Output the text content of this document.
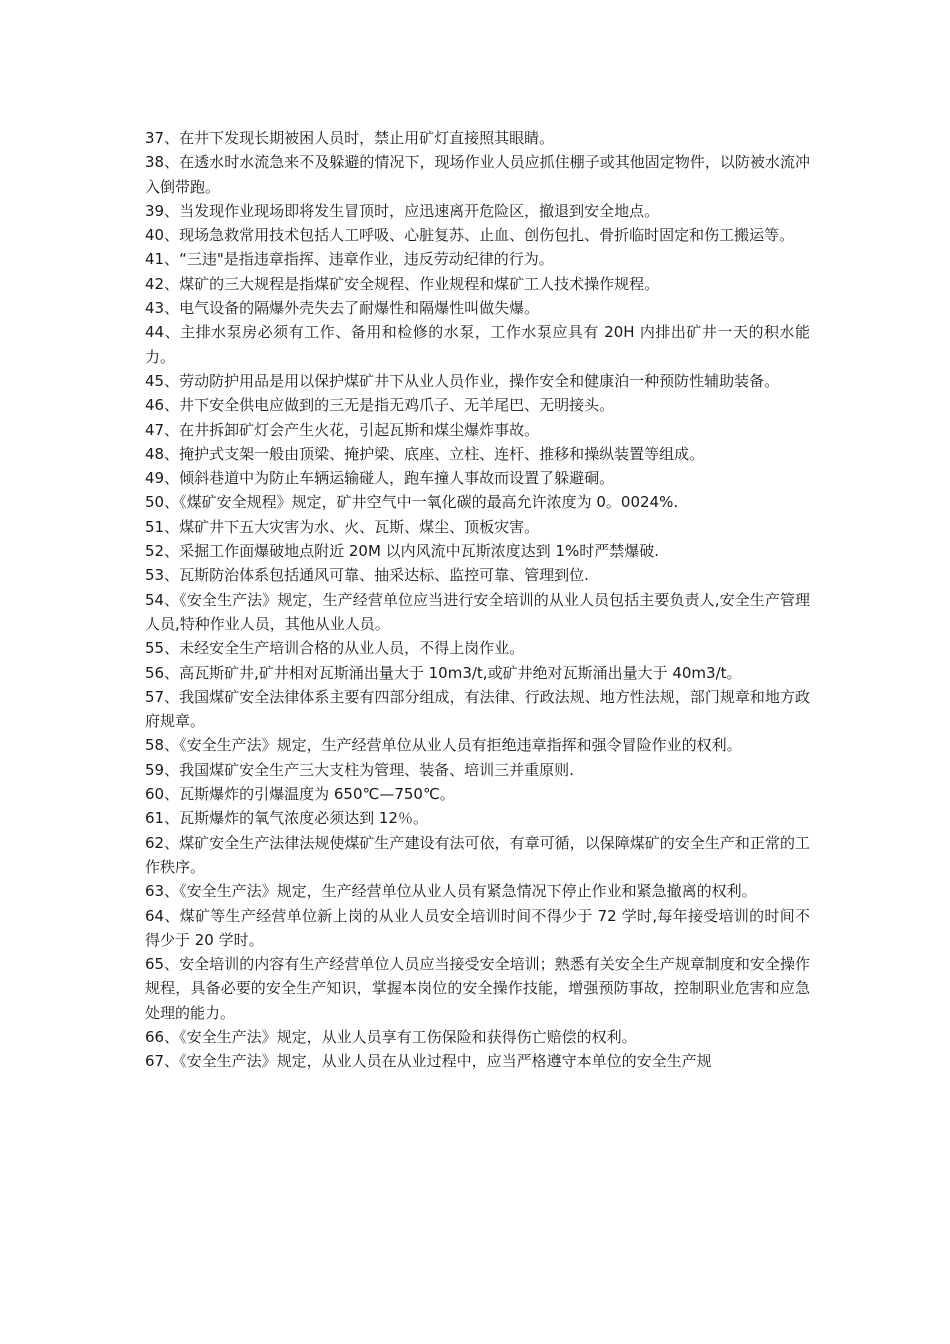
37、在井下发现长期被困人员时，禁止用矿灯直接照其眼睛。

38、在透水时水流急来不及躲避的情况下，现场作业人员应抓住棚子或其他固定物件，以防被水流冲入倒带跑。

39、当发现作业现场即将发生冒顶时，应迅速离开危险区，撤退到安全地点。

40、现场急救常用技术包括人工呼吸、心脏复苏、止血、创伤包扎、骨折临时固定和伤工搬运等。

41、“三违"是指违章指挥、违章作业，违反劳动纪律的行为。

42、煤矿的三大规程是指煤矿安全规程、作业规程和煤矿工人技术操作规程。

43、电气设备的隔爆外壳失去了耐爆性和隔爆性叫做失爆。

44、主排水泵房必须有工作、备用和检修的水泵，工作水泵应具有 20H 内排出矿井一天的积水能力。

45、劳动防护用品是用以保护煤矿井下从业人员作业，操作安全和健康泊一种预防性辅助装备。

46、井下安全供电应做到的三无是指无鸡爪子、无羊尾巴、无明接头。

47、在井拆卸矿灯会产生火花，引起瓦斯和煤尘爆炸事故。

48、掩护式支架一般由顶梁、掩护梁、底座、立柱、连杆、推移和操纵装置等组成。

49、倾斜巷道中为防止车辆运输碰人，跑车撞人事故而设置了躲避硐。

50、《煤矿安全规程》规定，矿井空气中一氧化碳的最高允许浓度为 0。0024%.

51、煤矿井下五大灾害为水、火、瓦斯、煤尘、顶板灾害。

52、采掘工作面爆破地点附近 20M 以内风流中瓦斯浓度达到 1%时严禁爆破.

53、瓦斯防治体系包括通风可靠、抽采达标、监控可靠、管理到位.

54、《安全生产法》规定，生产经营单位应当进行安全培训的从业人员包括主要负责人,安全生产管理人员,特种作业人员，其他从业人员。

55、未经安全生产培训合格的从业人员，不得上岗作业。

56、高瓦斯矿井,矿井相对瓦斯涌出量大于 10m3/t,或矿井绝对瓦斯涌出量大于 40m3/t。

57、我国煤矿安全法律体系主要有四部分组成，有法律、行政法规、地方性法规，部门规章和地方政府规章。

58、《安全生产法》规定，生产经营单位从业人员有拒绝违章指挥和强令冒险作业的权利。

59、我国煤矿安全生产三大支柱为管理、装备、培训三并重原则.

60、瓦斯爆炸的引爆温度为 650℃—750℃。

61、瓦斯爆炸的氧气浓度必须达到 12％。

62、煤矿安全生产法律法规使煤矿生产建设有法可依，有章可循，以保障煤矿的安全生产和正常的工作秩序。

63、《安全生产法》规定，生产经营单位从业人员有紧急情况下停止作业和紧急撤离的权利。

64、煤矿等生产经营单位新上岗的从业人员安全培训时间不得少于 72 学时,每年接受培训的时间不得少于 20 学时。

65、安全培训的内容有生产经营单位人员应当接受安全培训；熟悉有关安全生产规章制度和安全操作规程，具备必要的安全生产知识，掌握本岗位的安全操作技能，增强预防事故，控制职业危害和应急处理的能力。

66、《安全生产法》规定，从业人员享有工伤保险和获得伤亡赔偿的权利。

67、《安全生产法》规定，从业人员在从业过程中，应当严格遵守本单位的安全生产规
